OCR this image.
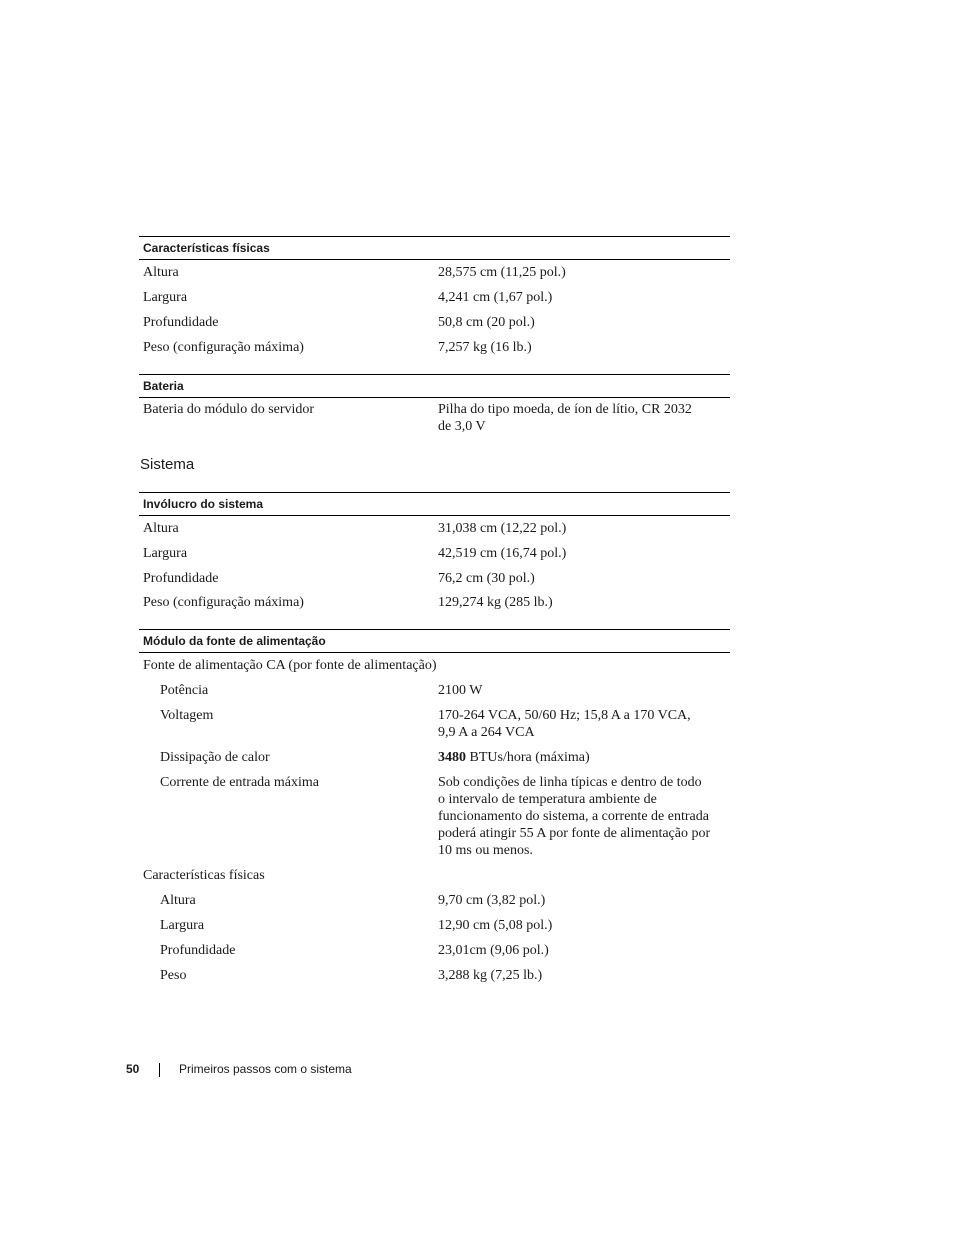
Características físicas
Altura	28,575 cm (11,25 pol.)
Largura	4,241 cm (1,67 pol.)
Profundidade	50,8 cm (20 pol.)
Peso (configuração máxima)	7,257 kg (16 lb.)
Bateria
Bateria do módulo do servidor	Pilha do tipo moeda, de íon de lítio, CR 2032
de 3,0 V
Sistema
Invólucro do sistema
Altura	31,038 cm (12,22 pol.)
Largura	42,519 cm (16,74 pol.)
Profundidade	76,2 cm (30 pol.)
Peso (configuração máxima)	129,274 kg (285 lb.)
Módulo da fonte de alimentação
Fonte de alimentação CA (por fonte de alimentação)
Potência	2100 W
Voltagem	170-264 VCA, 50/60 Hz; 15,8 A a 170 VCA,
9,9 A a 264 VCA
Dissipação de calor	3480 BTUs/hora (máxima)
Corrente de entrada máxima	Sob condições de linha típicas e dentro de todo
o intervalo de temperatura ambiente de
funcionamento do sistema, a corrente de entrada
poderá atingir 55 A por fonte de alimentação por
10 ms ou menos.
Características físicas
Altura	9,70 cm (3,82 pol.)
Largura	12,90 cm (5,08 pol.)
Profundidade	23,01cm (9,06 pol.)
Peso	3,288 kg (7,25 lb.)
50	Primeiros passos com o sistema
